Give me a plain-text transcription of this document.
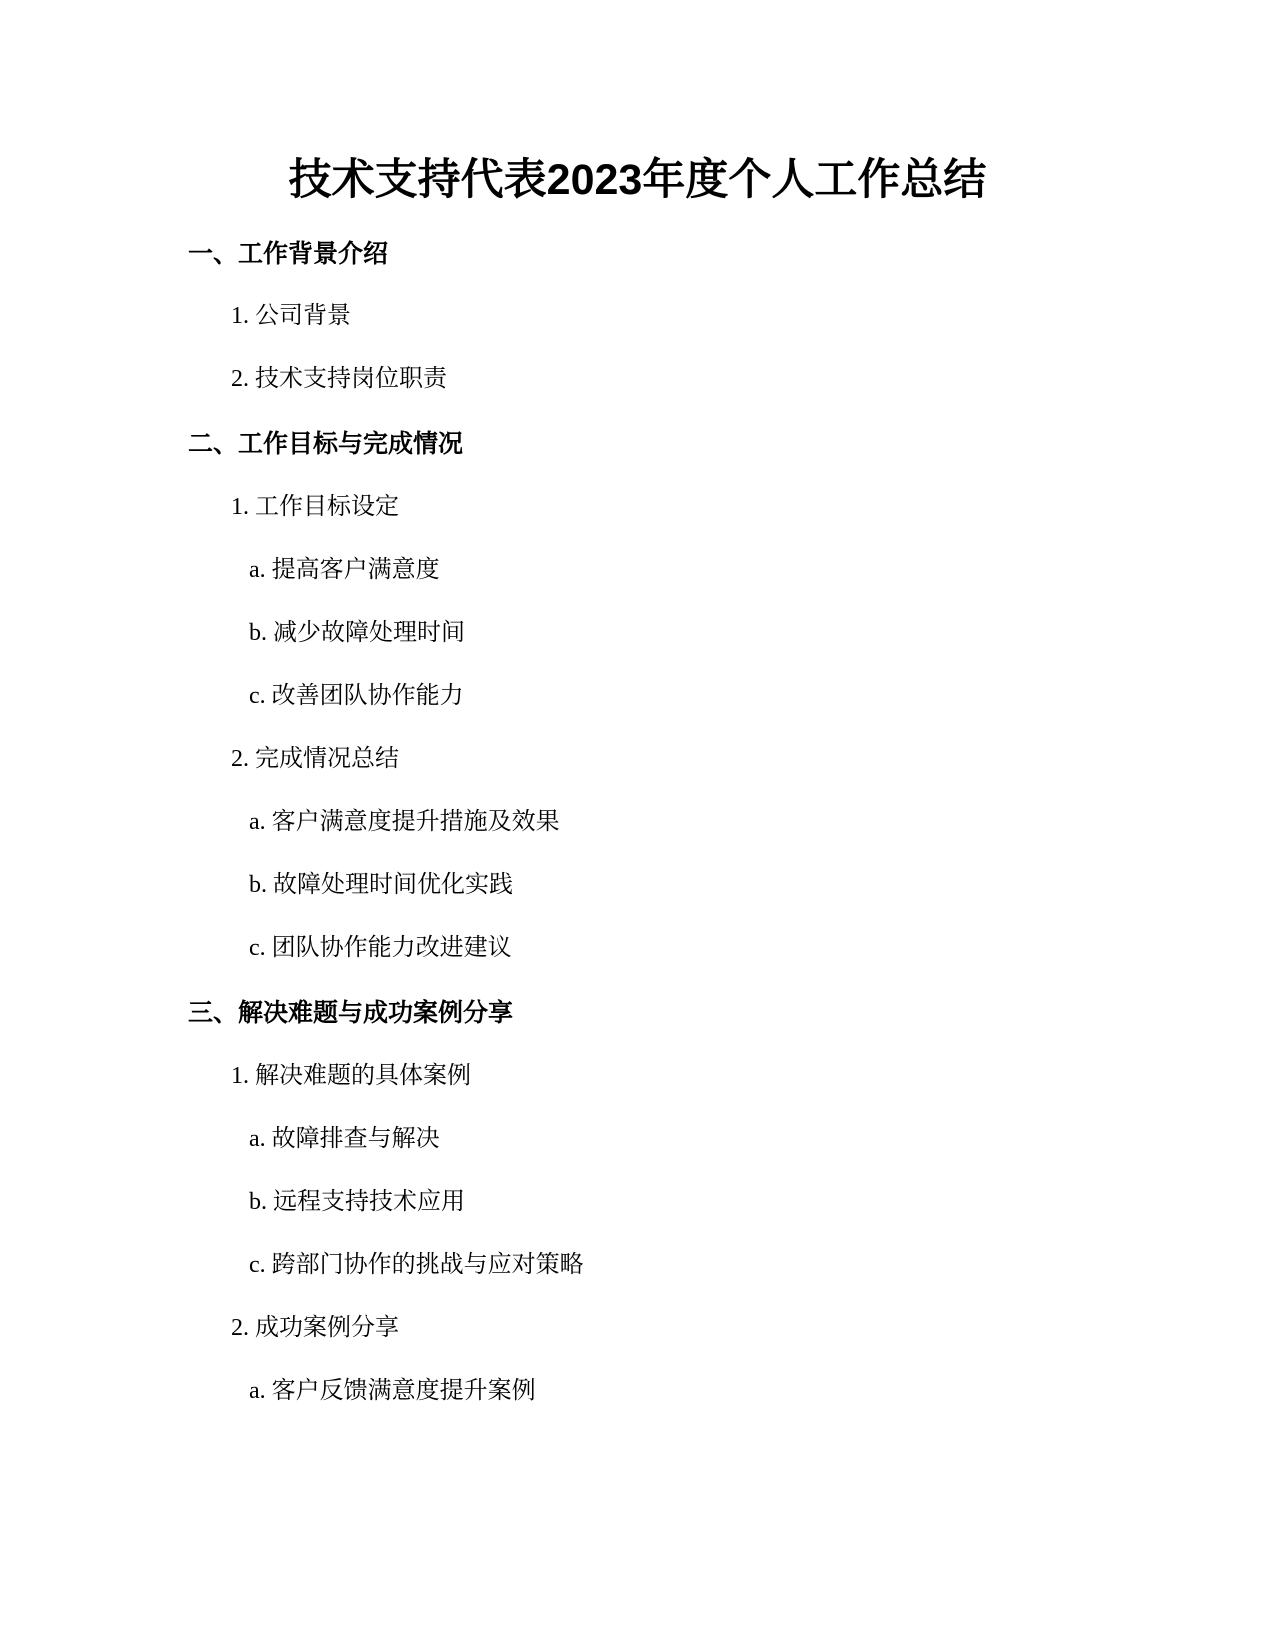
技术支持代表2023年度个人工作总结
一、工作背景介绍
1. 公司背景
2. 技术支持岗位职责
二、工作目标与完成情况
1. 工作目标设定
a. 提高客户满意度
b. 减少故障处理时间
c. 改善团队协作能力
2. 完成情况总结
a. 客户满意度提升措施及效果
b. 故障处理时间优化实践
c. 团队协作能力改进建议
三、解决难题与成功案例分享
1. 解决难题的具体案例
a. 故障排查与解决
b. 远程支持技术应用
c. 跨部门协作的挑战与应对策略
2. 成功案例分享
a. 客户反馈满意度提升案例
